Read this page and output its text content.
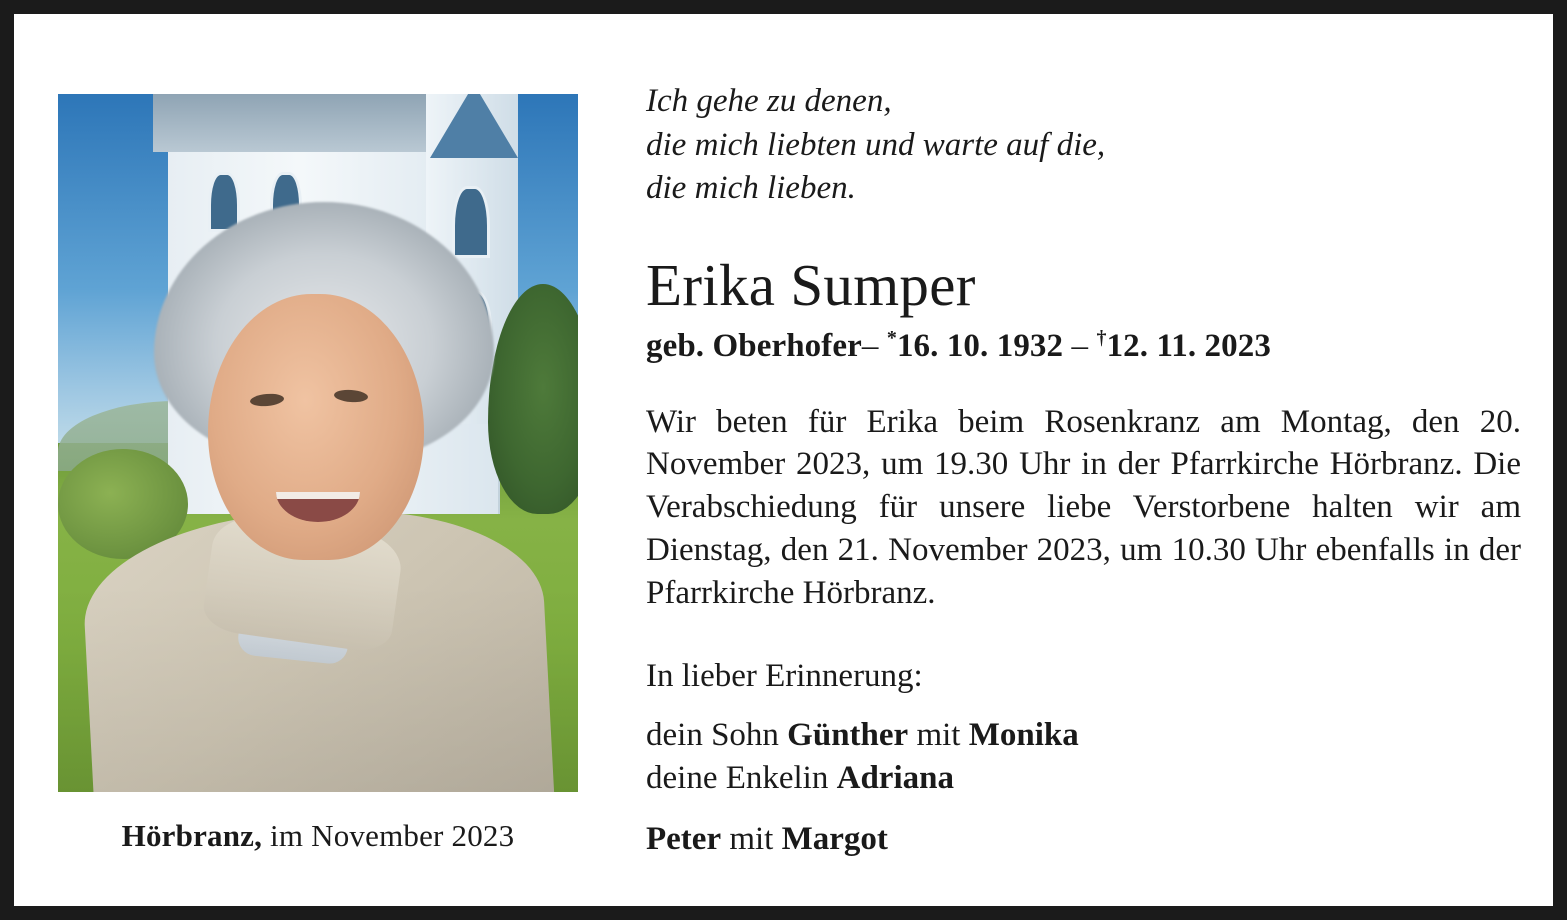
Hörbranz, im November 2023
Ich gehe zu denen,
die mich liebten und warte auf die,
die mich lieben.
Erika Sumper
geb. Oberhofer– *16. 10. 1932 – †12. 11. 2023
Wir beten für Erika beim Rosenkranz am Montag, den 20. November 2023, um 19.30 Uhr in der Pfarrkirche Hörbranz. Die Verabschiedung für unsere liebe Verstorbene halten wir am Dienstag, den 21. November 2023, um 10.30 Uhr ebenfalls in der Pfarrkirche Hörbranz.
In lieber Erinnerung:
dein Sohn Günther mit Monika
deine Enkelin Adriana
Peter mit Margot
